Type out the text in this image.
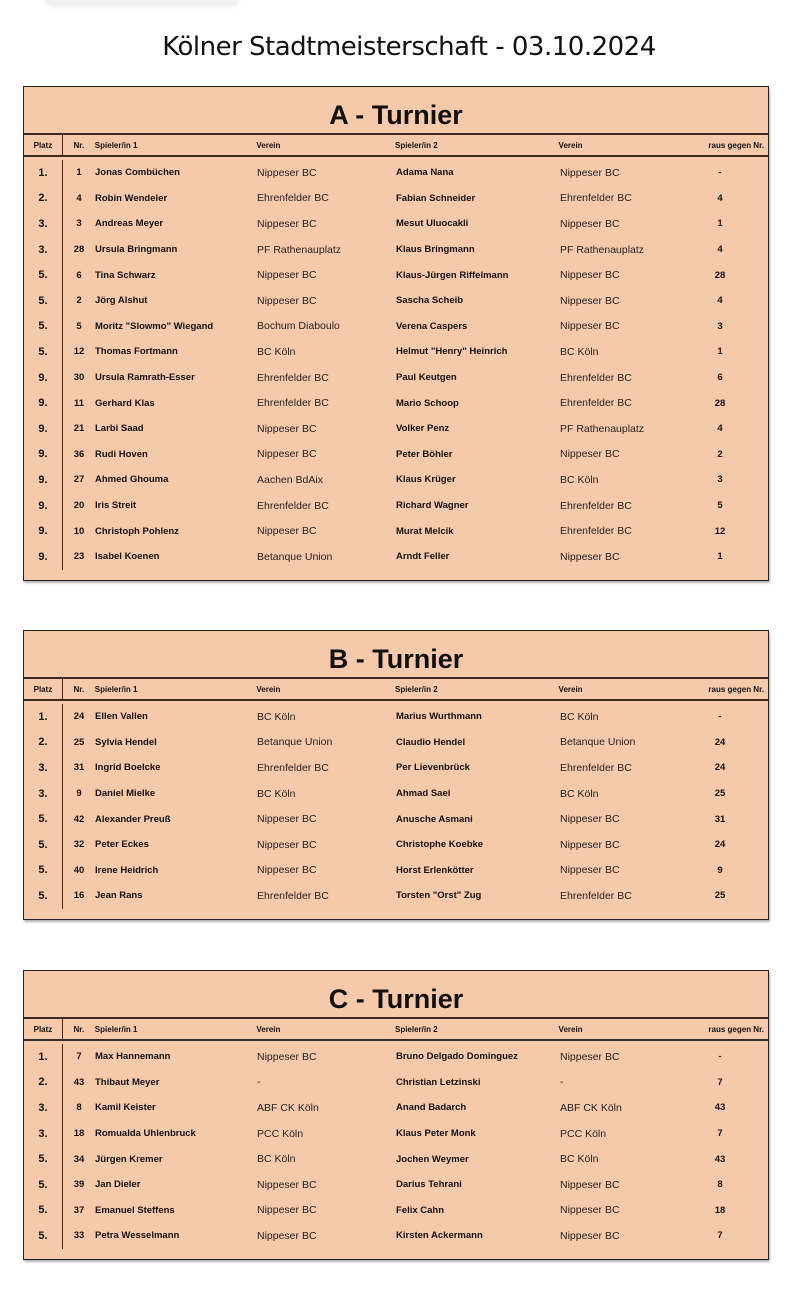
Kölner Stadtmeisterschaft - 03.10.2024
A - Turnier
Platz	Nr.	Spieler/in 1	Verein	Spieler/in 2	Verein	raus gegen Nr.
1.	1	Jonas Combüchen	Nippeser BC	Adama Nana	Nippeser BC	-
2.	4	Robin Wendeler	Ehrenfelder BC	Fabian Schneider	Ehrenfelder BC	4
3.	3	Andreas Meyer	Nippeser BC	Mesut Uluocakli	Nippeser BC	1
3.	28	Ursula Bringmann	PF Rathenauplatz	Klaus Bringmann	PF Rathenauplatz	4
5.	6	Tina Schwarz	Nippeser BC	Klaus-Jürgen Riffelmann	Nippeser BC	28
5.	2	Jörg Alshut	Nippeser BC	Sascha Scheib	Nippeser BC	4
5.	5	Moritz "Slowmo" Wiegand	Bochum Diaboulo	Verena Caspers	Nippeser BC	3
5.	12	Thomas Fortmann	BC Köln	Helmut "Henry" Heinrich	BC Köln	1
9.	30	Ursula Ramrath-Esser	Ehrenfelder BC	Paul Keutgen	Ehrenfelder BC	6
9.	11	Gerhard Klas	Ehrenfelder BC	Mario Schoop	Ehrenfelder BC	28
9.	21	Larbi Saad	Nippeser BC	Volker Penz	PF Rathenauplatz	4
9.	36	Rudi Hoven	Nippeser BC	Peter Böhler	Nippeser BC	2
9.	27	Ahmed Ghouma	Aachen BdAix	Klaus Krüger	BC Köln	3
9.	20	Iris Streit	Ehrenfelder BC	Richard Wagner	Ehrenfelder BC	5
9.	10	Christoph Pohlenz	Nippeser BC	Murat Melcik	Ehrenfelder BC	12
9.	23	Isabel Koenen	Betanque Union	Arndt Feller	Nippeser BC	1
B - Turnier
Platz	Nr.	Spieler/in 1	Verein	Spieler/in 2	Verein	raus gegen Nr.
1.	24	Ellen Vallen	BC Köln	Marius Wurthmann	BC Köln	-
2.	25	Sylvia Hendel	Betanque Union	Claudio Hendel	Betanque Union	24
3.	31	Ingrid Boelcke	Ehrenfelder BC	Per Lievenbrück	Ehrenfelder BC	24
3.	9	Daniel Mielke	BC Köln	Ahmad Saei	BC Köln	25
5.	42	Alexander Preuß	Nippeser BC	Anusche Asmani	Nippeser BC	31
5.	32	Peter Eckes	Nippeser BC	Christophe Koebke	Nippeser BC	24
5.	40	Irene Heidrich	Nippeser BC	Horst Erlenkötter	Nippeser BC	9
5.	16	Jean Rans	Ehrenfelder BC	Torsten "Orst" Zug	Ehrenfelder BC	25
C - Turnier
Platz	Nr.	Spieler/in 1	Verein	Spieler/in 2	Verein	raus gegen Nr.
1.	7	Max Hannemann	Nippeser BC	Bruno Delgado Dominguez	Nippeser BC	-
2.	43	Thibaut Meyer	-	Christian Letzinski	-	7
3.	8	Kamil Keister	ABF CK Köln	Anand Badarch	ABF CK Köln	43
3.	18	Romualda Uhlenbruck	PCC Köln	Klaus Peter Monk	PCC Köln	7
5.	34	Jürgen Kremer	BC Köln	Jochen Weymer	BC Köln	43
5.	39	Jan Dieler	Nippeser BC	Darius Tehrani	Nippeser BC	8
5.	37	Emanuel Steffens	Nippeser BC	Felix Cahn	Nippeser BC	18
5.	33	Petra Wesselmann	Nippeser BC	Kirsten Ackermann	Nippeser BC	7
